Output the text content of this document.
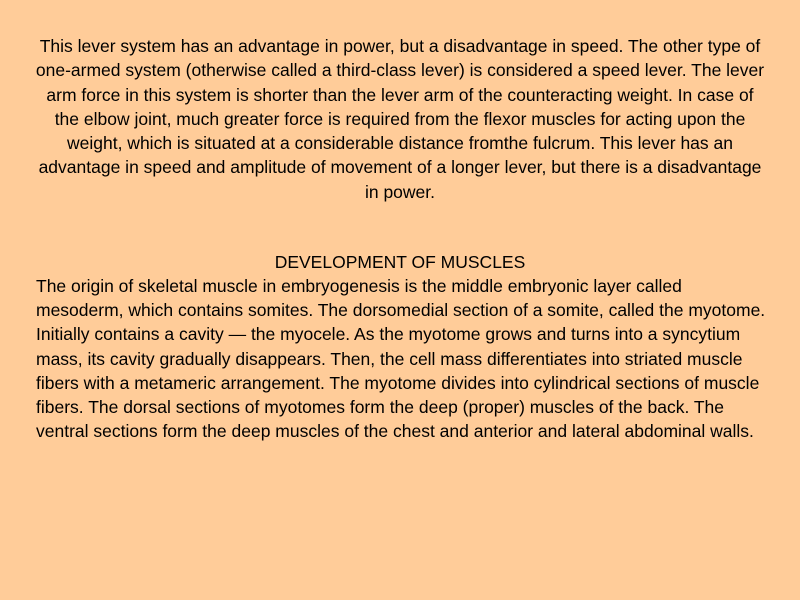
This lever system has an advantage in power, but a disadvantage in speed. The other type of one-armed system (otherwise called a third-class lever) is considered a speed lever. The lever arm force in this system is shorter than the lever arm of the counteracting weight. In case of the elbow joint, much greater force is required from the flexor muscles for acting upon the weight, which is situated at a considerable distance fromthe fulcrum. This lever has an advantage in speed and amplitude of movement of a longer lever, but there is a disadvantage in power.

DEVELOPMENT OF MUSCLES

The origin of skeletal muscle in embryogenesis is the middle embryonic layer called mesoderm, which contains somites. The dorsomedial section of a somite, called the myotome. Initially contains a cavity — the myocele. As the myotome grows and turns into a syncytium mass, its cavity gradually disappears. Then, the cell mass differentiates into striated muscle fibers with a metameric arrangement. The myotome divides into cylindrical sections of muscle fibers. The dorsal sections of myotomes form the deep (proper) muscles of the back. The ventral sections form the deep muscles of the chest and anterior and lateral abdominal walls.
